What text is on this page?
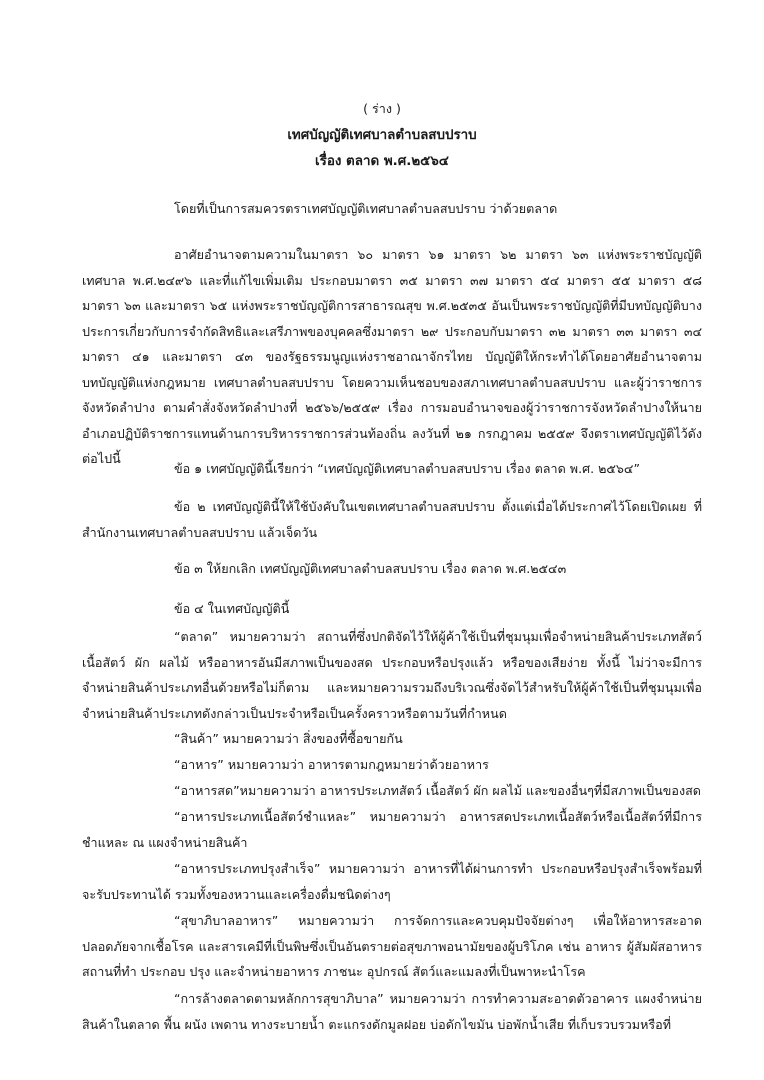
( ร่าง )
เทศบัญญัติเทศบาลตำบลสบปราบ
เรื่อง ตลาด พ.ศ.๒๕๖๔

โดยที่เป็นการสมควรตราเทศบัญญัติเทศบาลตำบลสบปราบ ว่าด้วยตลาด

อาศัยอำนาจตามความในมาตรา ๖๐ มาตรา ๖๑ มาตรา ๖๒ มาตรา ๖๓ แห่งพระราชบัญญัติเทศบาล พ.ศ.๒๔๙๖ และที่แก้ไขเพิ่มเติม ประกอบมาตรา ๓๕ มาตรา ๓๗ มาตรา ๕๔ มาตรา ๕๕ มาตรา ๕๘ มาตรา ๖๓ และมาตรา ๖๕ แห่งพระราชบัญญัติการสาธารณสุข พ.ศ.๒๕๓๕ อันเป็นพระราชบัญญัติที่มีบทบัญญัติบางประการเกี่ยวกับการจำกัดสิทธิและเสรีภาพของบุคคลซึ่งมาตรา ๒๙ ประกอบกับมาตรา ๓๒ มาตรา ๓๓ มาตรา ๓๔ มาตรา ๔๑ และมาตรา ๔๓ ของรัฐธรรมนูญแห่งราชอาณาจักรไทย บัญญัติให้กระทำได้โดยอาศัยอำนาจตามบทบัญญัติแห่งกฎหมาย เทศบาลตำบลสบปราบ โดยความเห็นชอบของสภาเทศบาลตำบลสบปราบ และผู้ว่าราชการจังหวัดลำปาง ตามคำสั่งจังหวัดลำปางที่ ๒๕๖๖/๒๕๕๙ เรื่อง การมอบอำนาจของผู้ว่าราชการจังหวัดลำปางให้นายอำเภอปฏิบัติราชการแทนด้านการบริหารราชการส่วนท้องถิ่น ลงวันที่ ๒๑ กรกฎาคม ๒๕๕๙ จึงตราเทศบัญญัติไว้ดังต่อไปนี้

ข้อ ๑ เทศบัญญัตินี้เรียกว่า “เทศบัญญัติเทศบาลตำบลสบปราบ เรื่อง ตลาด พ.ศ. ๒๕๖๔”

ข้อ ๒ เทศบัญญัตินี้ให้ใช้บังคับในเขตเทศบาลตำบลสบปราบ ตั้งแต่เมื่อได้ประกาศไว้โดยเปิดเผย ที่สำนักงานเทศบาลตำบลสบปราบ แล้วเจ็ดวัน

ข้อ ๓ ให้ยกเลิก เทศบัญญัติเทศบาลตำบลสบปราบ เรื่อง ตลาด พ.ศ.๒๕๔๓

ข้อ ๔ ในเทศบัญญัตินี้

“ตลาด” หมายความว่า สถานที่ซึ่งปกติจัดไว้ให้ผู้ค้าใช้เป็นที่ชุมนุมเพื่อจำหน่ายสินค้าประเภทสัตว์ เนื้อสัตว์ ผัก ผลไม้ หรืออาหารอันมีสภาพเป็นของสด ประกอบหรือปรุงแล้ว หรือของเสียง่าย ทั้งนี้ ไม่ว่าจะมีการจำหน่ายสินค้าประเภทอื่นด้วยหรือไม่ก็ตาม และหมายความรวมถึงบริเวณซึ่งจัดไว้สำหรับให้ผู้ค้าใช้เป็นที่ชุมนุมเพื่อจำหน่ายสินค้าประเภทดังกล่าวเป็นประจำหรือเป็นครั้งคราวหรือตามวันที่กำหนด

“สินค้า” หมายความว่า สิ่งของที่ซื้อขายกัน

“อาหาร” หมายความว่า อาหารตามกฎหมายว่าด้วยอาหาร

“อาหารสด”หมายความว่า อาหารประเภทสัตว์ เนื้อสัตว์ ผัก ผลไม้ และของอื่นๆที่มีสภาพเป็นของสด

“อาหารประเภทเนื้อสัตว์ชำแหละ” หมายความว่า อาหารสดประเภทเนื้อสัตว์หรือเนื้อสัตว์ที่มีการชำแหละ ณ แผงจำหน่ายสินค้า

“อาหารประเภทปรุงสำเร็จ” หมายความว่า อาหารที่ได้ผ่านการทำ ประกอบหรือปรุงสำเร็จพร้อมที่จะรับประทานได้ รวมทั้งของหวานและเครื่องดื่มชนิดต่างๆ

“สุขาภิบาลอาหาร” หมายความว่า การจัดการและควบคุมปัจจัยต่างๆ เพื่อให้อาหารสะอาด ปลอดภัยจากเชื้อโรค และสารเคมีที่เป็นพิษซึ่งเป็นอันตรายต่อสุขภาพอนามัยของผู้บริโภค เช่น อาหาร ผู้สัมผัสอาหาร สถานที่ทำ ประกอบ ปรุง และจำหน่ายอาหาร ภาชนะ อุปกรณ์ สัตว์และแมลงที่เป็นพาหะนำโรค

“การล้างตลาดตามหลักการสุขาภิบาล” หมายความว่า การทำความสะอาดตัวอาคาร แผงจำหน่ายสินค้าในตลาด พื้น ผนัง เพดาน ทางระบายน้ำ ตะแกรงดักมูลฝอย บ่อดักไขมัน บ่อพักน้ำเสีย ที่เก็บรวบรวมหรือที่
